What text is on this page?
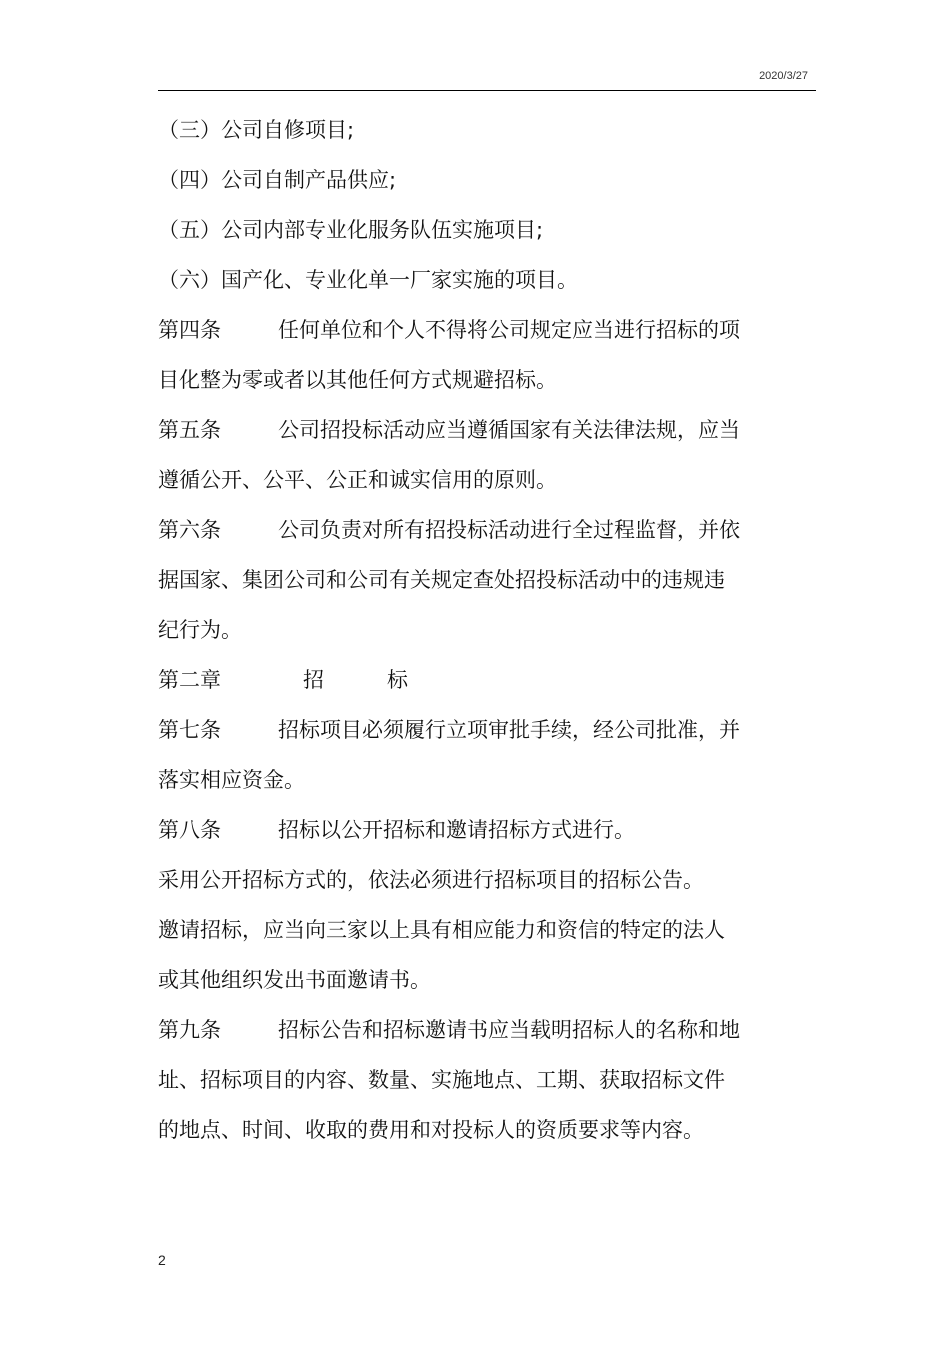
2020/3/27
（三）公司自修项目;
（四）公司自制产品供应;
（五）公司内部专业化服务队伍实施项目;
（六）国产化、专业化单一厂家实施的项目。
第四条	任何单位和个人不得将公司规定应当进行招标的项
目化整为零或者以其他任何方式规避招标。
第五条	公司招投标活动应当遵循国家有关法律法规，应当
遵循公开、公平、公正和诚实信用的原则。
第六条	公司负责对所有招投标活动进行全过程监督，并依
据国家、集团公司和公司有关规定查处招投标活动中的违规违
纪行为。
第二章	招	标
第七条	招标项目必须履行立项审批手续，经公司批准，并
落实相应资金。
第八条	招标以公开招标和邀请招标方式进行。
采用公开招标方式的，依法必须进行招标项目的招标公告。
邀请招标，应当向三家以上具有相应能力和资信的特定的法人
或其他组织发出书面邀请书。
第九条	招标公告和招标邀请书应当载明招标人的名称和地
址、招标项目的内容、数量、实施地点、工期、获取招标文件
的地点、时间、收取的费用和对投标人的资质要求等内容。
2
